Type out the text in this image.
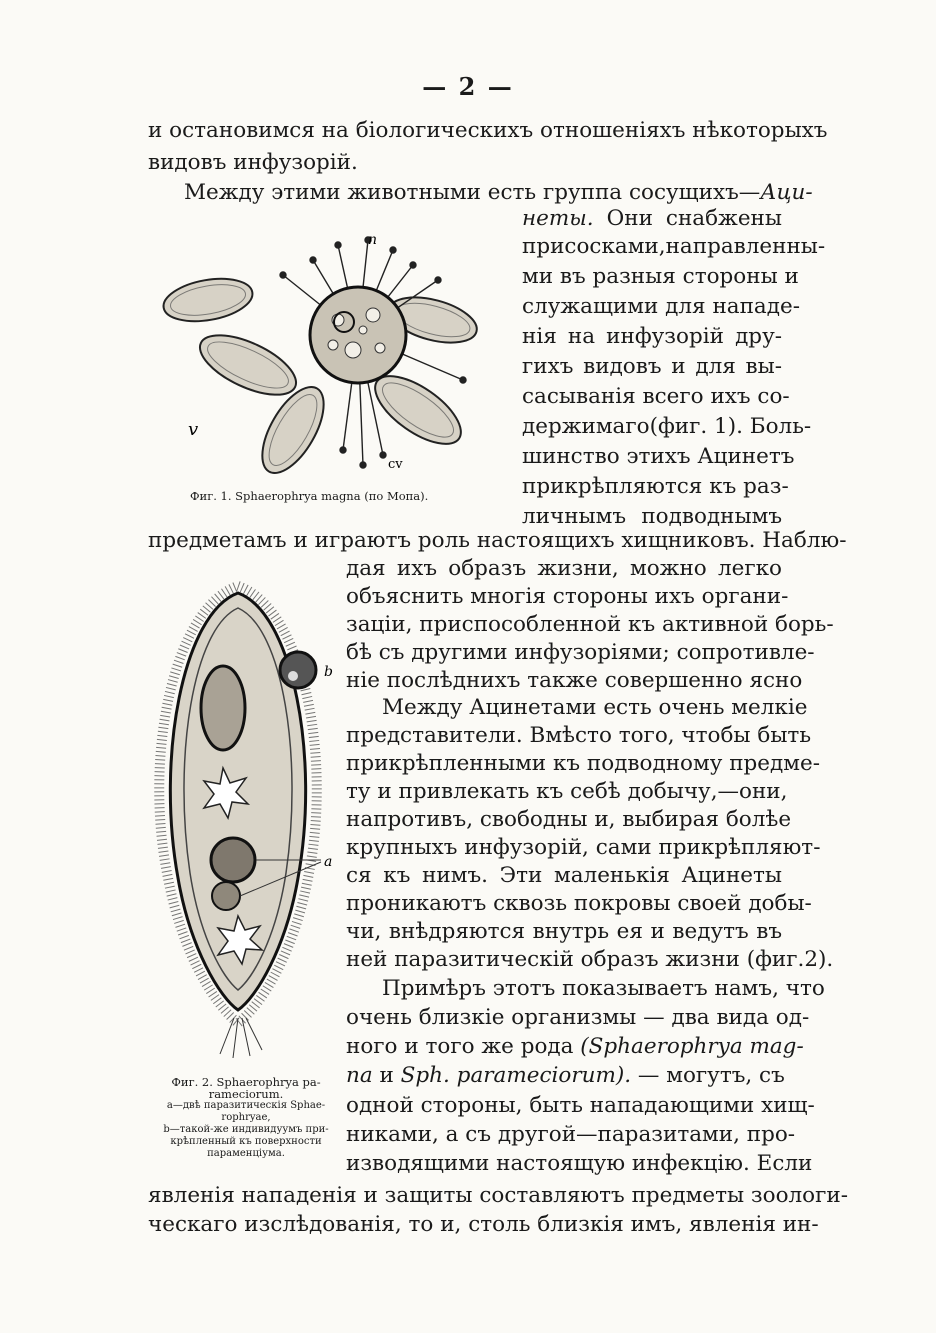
— 2 —
и остановимся на біологическихъ отношеніяхъ нѣкоторыхъ
видовъ инфузорій.
Между этими животными есть группа сосущихъ—Аци-
неты. Они снабжены
присосками,направленны-
ми въ разныя стороны и
служащими для нападе-
нія на инфузорій дру-
гихъ видовъ и для вы-
сасыванія всего ихъ со-
держимаго(фиг. 1). Боль-
шинство этихъ Ацинетъ
прикрѣпляются къ раз-
личнымъ подводнымъ
n
cv
v
Фиг. 1. Sphaerophrya magna (по Мопа).
предметамъ и играютъ роль настоящихъ хищниковъ. Наблю-
дая ихъ образъ жизни, можно легко
объяснить многія стороны ихъ органи-
заціи, приспособленной къ активной борь-
бѣ съ другими инфузоріями; сопротивле-
ніе послѣднихъ также совершенно ясно
Между Ацинетами есть очень мелкіе
представители. Вмѣсто того, чтобы быть
прикрѣпленными къ подводному предме-
ту и привлекать къ себѣ добычу,—они,
напротивъ, свободны и, выбирая болѣе
крупныхъ инфузорій, сами прикрѣпляют-
ся къ нимъ. Эти маленькія Ацинеты
проникаютъ сквозь покровы своей добы-
чи, внѣдряются внутрь ея и ведутъ въ
ней паразитическій образъ жизни (фиг.2).
Примѣръ этотъ показываетъ намъ, что
очень близкіе организмы — два вида од-
ного и того же рода (Sphaerophrya mag-
na и Sph. parameciorum). — могутъ, съ
одной стороны, быть нападающими хищ-
никами, а съ другой—паразитами, про-
изводящими настоящую инфекцію. Если
явленія нападенія и защиты составляютъ предметы зоологи-
ческаго изслѣдованія, то и, столь близкія имъ, явленія ин-
b
a
Фиг. 2. Sphaerophrya pa-
rameciorum.
a—двѣ паразитическія Sphae-
rophryae,
b—такой-же индивидуумъ при-
крѣпленный къ поверхности
параменціума.
